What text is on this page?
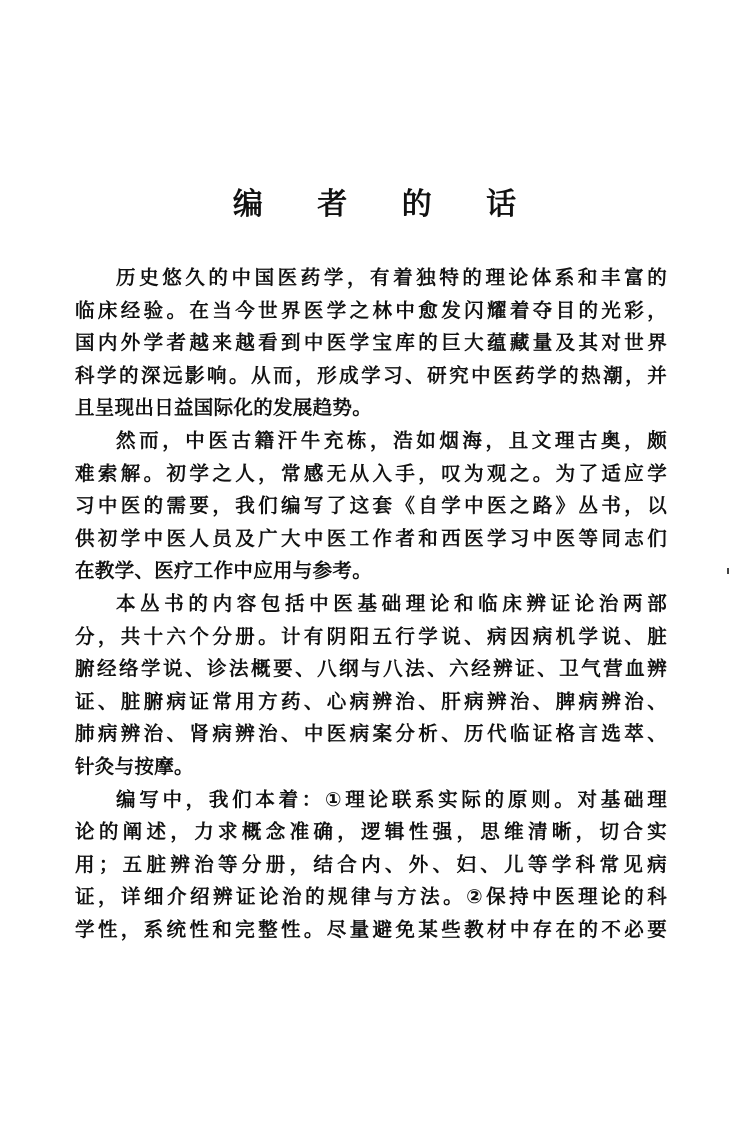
编 者 的 话
历史悠久的中国医药学，有着独特的理论体系和丰富的
临床经验。在当今世界医学之林中愈发闪耀着夺目的光彩，
国内外学者越来越看到中医学宝库的巨大蕴藏量及其对世界
科学的深远影响。从而，形成学习、研究中医药学的热潮，并
且呈现出日益国际化的发展趋势。
然而，中医古籍汗牛充栋，浩如烟海，且文理古奥，颇
难索解。初学之人，常感无从入手，叹为观之。为了适应学
习中医的需要，我们编写了这套《自学中医之路》丛书，以
供初学中医人员及广大中医工作者和西医学习中医等同志们
在教学、医疗工作中应用与参考。
本丛书的内容包括中医基础理论和临床辨证论治两部
分，共十六个分册。计有阴阳五行学说、病因病机学说、脏
腑经络学说、诊法概要、八纲与八法、六经辨证、卫气营血辨
证、脏腑病证常用方药、心病辨治、肝病辨治、脾病辨治、
肺病辨治、肾病辨治、中医病案分析、历代临证格言选萃、
针灸与按摩。
编写中，我们本着：①理论联系实际的原则。对基础理
论的阐述，力求概念准确，逻辑性强，思维清晰，切合实
用；五脏辨治等分册，结合内、外、妇、儿等学科常见病
证，详细介绍辨证论治的规律与方法。②保持中医理论的科
学性，系统性和完整性。尽量避免某些教材中存在的不必要
